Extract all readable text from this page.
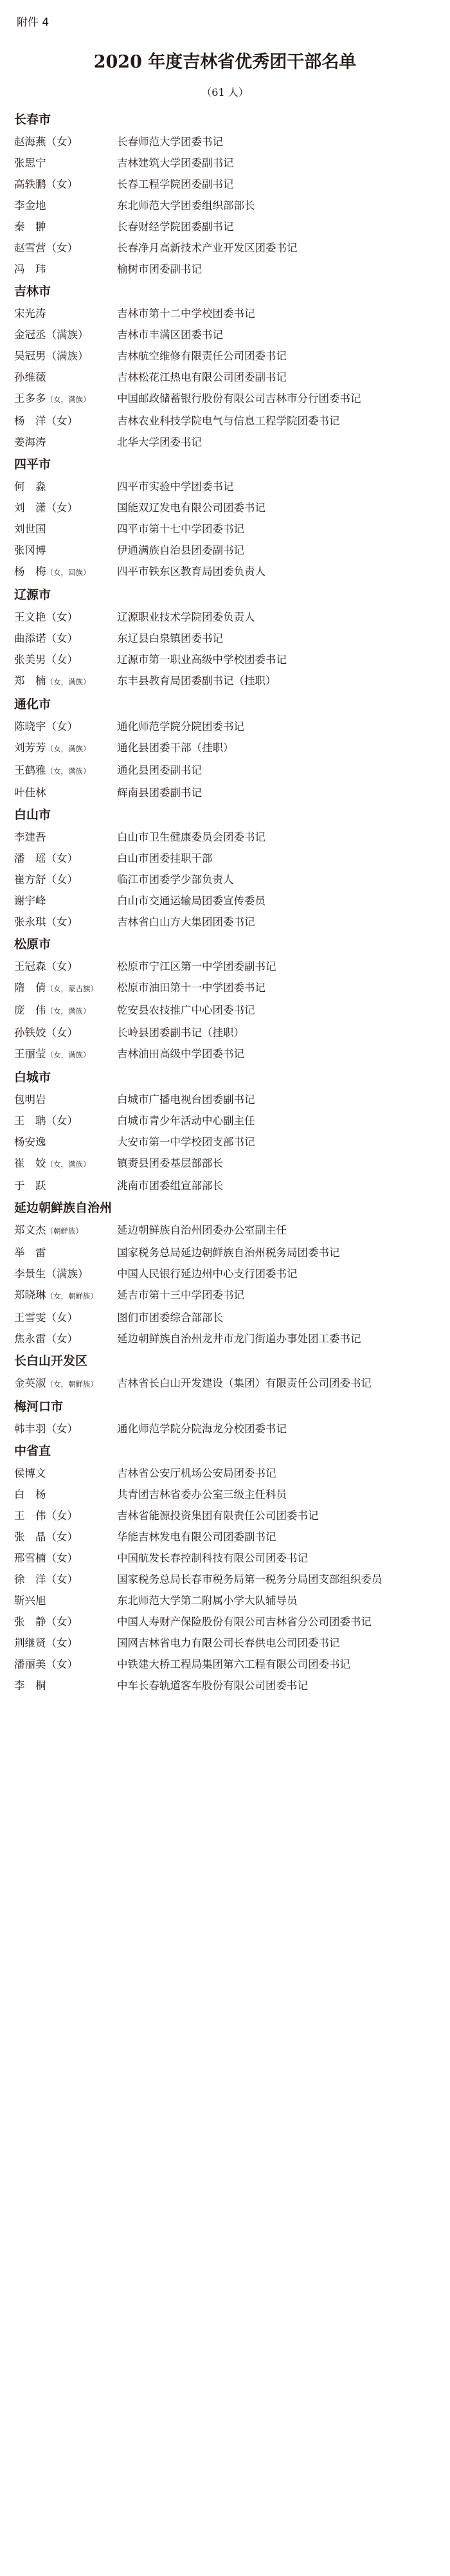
附件 4
2020 年度吉林省优秀团干部名单
（61 人）
长春市
赵海燕（女）	长春师范大学团委书记
张思宁	吉林建筑大学团委副书记
高轶鹏（女）	长春工程学院团委副书记
李金地	东北师范大学团委组织部部长
秦　翀	长春财经学院团委副书记
赵雪营（女）	长春净月高新技术产业开发区团委书记
冯　玮	榆树市团委副书记
吉林市
宋光涛	吉林市第十二中学校团委书记
金冠丞（满族）	吉林市丰满区团委书记
吴冠男（满族）	吉林航空维修有限责任公司团委书记
孙维薇	吉林松花江热电有限公司团委副书记
王多多（女，满族）	中国邮政储蓄银行股份有限公司吉林市分行团委书记
杨　洋（女）	吉林农业科技学院电气与信息工程学院团委书记
姜海涛	北华大学团委书记
四平市
何　淼	四平市实验中学团委书记
刘　潇（女）	国能双辽发电有限公司团委书记
刘世国	四平市第十七中学团委书记
张冈博	伊通满族自治县团委副书记
杨　梅（女，回族）	四平市铁东区教育局团委负责人
辽源市
王文艳（女）	辽源职业技术学院团委负责人
曲添诺（女）	东辽县白泉镇团委书记
张美男（女）	辽源市第一职业高级中学校团委书记
郑　楠（女，满族）	东丰县教育局团委副书记（挂职）
通化市
陈晓宇（女）	通化师范学院分院团委书记
刘芳芳（女，满族）	通化县团委干部（挂职）
王鹤雅（女，满族）	通化县团委副书记
叶佳林	辉南县团委副书记
白山市
李建吾	白山市卫生健康委员会团委书记
潘　瑶（女）	白山市团委挂职干部
崔方舒（女）	临江市团委学少部负责人
谢宇峰	白山市交通运输局团委宣传委员
张永琪（女）	吉林省白山方大集团团委书记
松原市
王冠森（女）	松原市宁江区第一中学团委副书记
隋　倩（女，蒙古族）	松原市油田第十一中学团委书记
庞　伟（女，满族）	乾安县农技推广中心团委书记
孙铁姣（女）	长岭县团委副书记（挂职）
王丽莹（女，满族）	吉林油田高级中学团委书记
白城市
包明岩	白城市广播电视台团委副书记
王　聃（女）	白城市青少年活动中心副主任
杨安逸	大安市第一中学校团支部书记
崔　姣（女，满族）	镇赉县团委基层部部长
于　跃	洮南市团委组宣部部长
延边朝鲜族自治州
郑文杰（朝鲜族）	延边朝鲜族自治州团委办公室副主任
举　雷	国家税务总局延边朝鲜族自治州税务局团委书记
李景生（满族）	中国人民银行延边州中心支行团委书记
郑晓琳（女，朝鲜族）	延吉市第十三中学团委书记
王雪雯（女）	图们市团委综合部部长
焦永雷（女）	延边朝鲜族自治州龙井市龙门街道办事处团工委书记
长白山开发区
金英淑（女，朝鲜族）	吉林省长白山开发建设（集团）有限责任公司团委书记
梅河口市
韩丰羽（女）	通化师范学院分院海龙分校团委书记
中省直
侯博文	吉林省公安厅机场公安局团委书记
白　杨	共青团吉林省委办公室三级主任科员
王　伟（女）	吉林省能源投资集团有限责任公司团委书记
张　晶（女）	华能吉林发电有限公司团委副书记
邢雪楠（女）	中国航发长春控制科技有限公司团委书记
徐　洋（女）	国家税务总局长春市税务局第一税务分局团支部组织委员
靳兴旭	东北师范大学第二附属小学大队辅导员
张　静（女）	中国人寿财产保险股份有限公司吉林省分公司团委书记
荆继贤（女）	国网吉林省电力有限公司长春供电公司团委书记
潘丽美（女）	中铁建大桥工程局集团第六工程有限公司团委书记
李　桐	中车长春轨道客车股份有限公司团委书记
